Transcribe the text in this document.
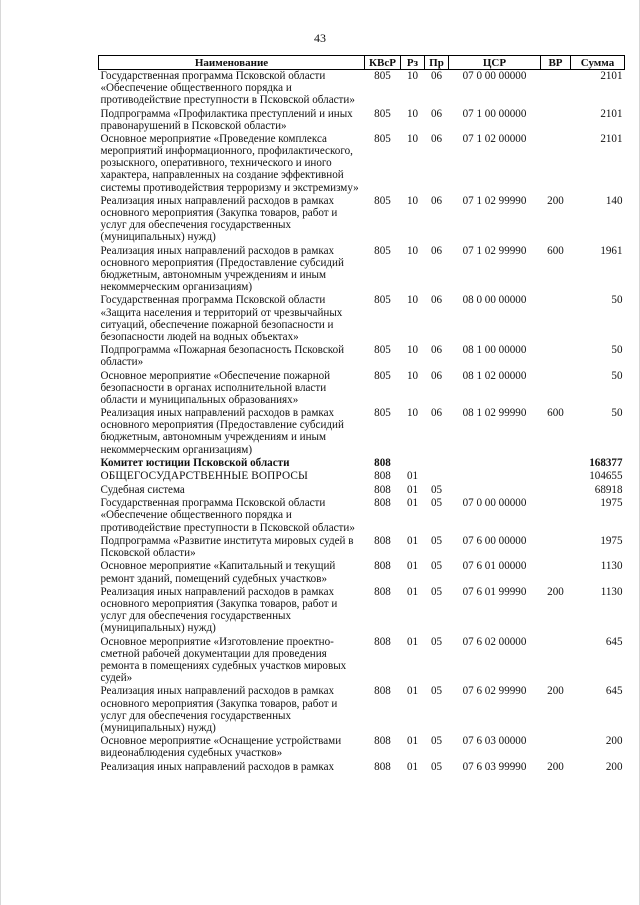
43
Наименование	КВсР	Рз	Пр	ЦСР	ВР	Сумма
Государственная программа Псковской области «Обеспечение общественного порядка и противодействие преступности в Псковской области»	805	10	06	07 0 00 00000		2101
Подпрограмма «Профилактика преступлений и иных правонарушений в Псковской области»	805	10	06	07 1 00 00000		2101
Основное мероприятие «Проведение комплекса мероприятий информационного, профилактического, розыскного, оперативного, технического и иного характера, направленных на создание эффективной системы противодействия терроризму и экстремизму»	805	10	06	07 1 02 00000		2101
Реализация иных направлений расходов в рамках основного мероприятия (Закупка товаров, работ и услуг для обеспечения государственных (муниципальных) нужд)	805	10	06	07 1 02 99990	200	140
Реализация иных направлений расходов в рамках основного мероприятия (Предоставление субсидий бюджетным, автономным учреждениям и иным некоммерческим организациям)	805	10	06	07 1 02 99990	600	1961
Государственная программа Псковской области «Защита населения и территорий от чрезвычайных ситуаций, обеспечение пожарной безопасности и безопасности людей на водных объектах»	805	10	06	08 0 00 00000		50
Подпрограмма «Пожарная безопасность Псковской области»	805	10	06	08 1 00 00000		50
Основное мероприятие «Обеспечение пожарной безопасности в органах исполнительной власти области и муниципальных образованиях»	805	10	06	08 1 02 00000		50
Реализация иных направлений расходов в рамках основного мероприятия (Предоставление субсидий бюджетным, автономным учреждениям и иным некоммерческим организациям)	805	10	06	08 1 02 99990	600	50
Комитет юстиции Псковской области	808					168377
ОБЩЕГОСУДАРСТВЕННЫЕ ВОПРОСЫ	808	01				104655
Судебная система	808	01	05			68918
Государственная программа Псковской области «Обеспечение общественного порядка и противодействие преступности в Псковской области»	808	01	05	07 0 00 00000		1975
Подпрограмма «Развитие института мировых судей в Псковской области»	808	01	05	07 6 00 00000		1975
Основное мероприятие «Капитальный и текущий ремонт зданий, помещений судебных участков»	808	01	05	07 6 01 00000		1130
Реализация иных направлений расходов в рамках основного мероприятия (Закупка товаров, работ и услуг для обеспечения государственных (муниципальных) нужд)	808	01	05	07 6 01 99990	200	1130
Основное мероприятие «Изготовление проектно-сметной рабочей документации для проведения ремонта в помещениях судебных участков мировых судей»	808	01	05	07 6 02 00000		645
Реализация иных направлений расходов в рамках основного мероприятия (Закупка товаров, работ и услуг для обеспечения государственных (муниципальных) нужд)	808	01	05	07 6 02 99990	200	645
Основное мероприятие «Оснащение устройствами видеонаблюдения судебных участков»	808	01	05	07 6 03 00000		200
Реализация иных направлений расходов в рамках	808	01	05	07 6 03 99990	200	200
